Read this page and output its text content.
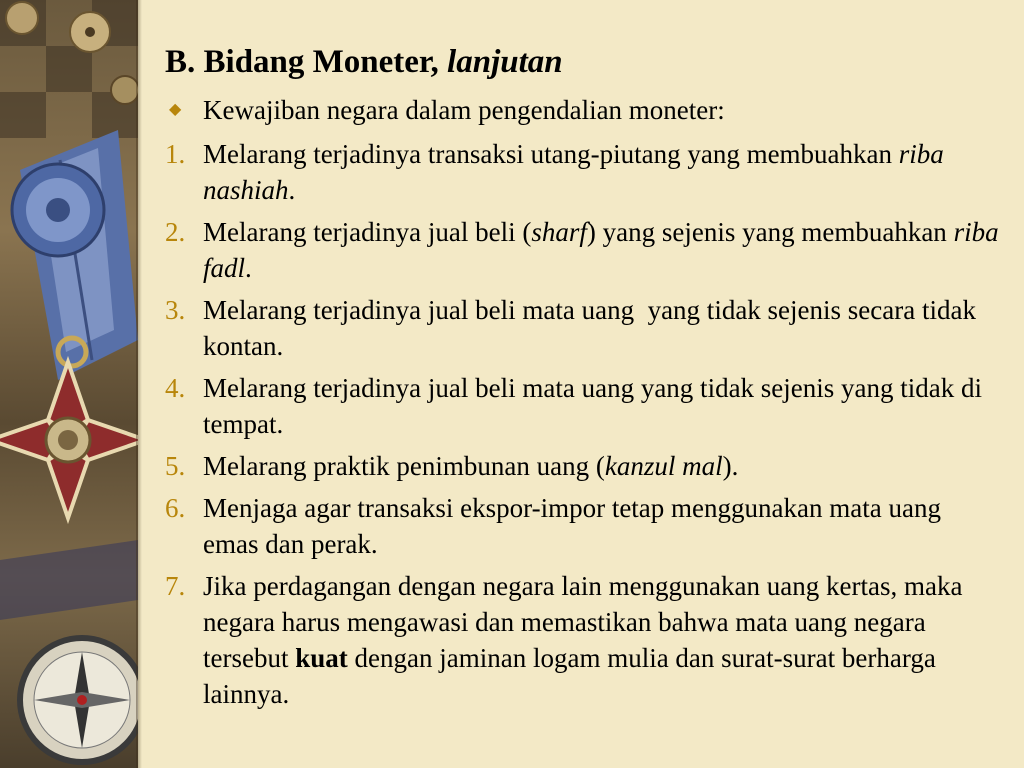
B. Bidang Moneter, lanjutan
◆ Kewajiban negara dalam pengendalian moneter:
1. Melarang terjadinya transaksi utang-piutang yang membuahkan riba nashiah.
2. Melarang terjadinya jual beli (sharf) yang sejenis yang membuahkan riba fadl.
3. Melarang terjadinya jual beli mata uang  yang tidak sejenis secara tidak kontan.
4. Melarang terjadinya jual beli mata uang yang tidak sejenis yang tidak di tempat.
5. Melarang praktik penimbunan uang (kanzul mal).
6. Menjaga agar transaksi ekspor-impor tetap menggunakan mata uang emas dan perak.
7. Jika perdagangan dengan negara lain menggunakan uang kertas, maka negara harus mengawasi dan memastikan bahwa mata uang negara tersebut kuat dengan jaminan logam mulia dan surat-surat berharga lainnya.
